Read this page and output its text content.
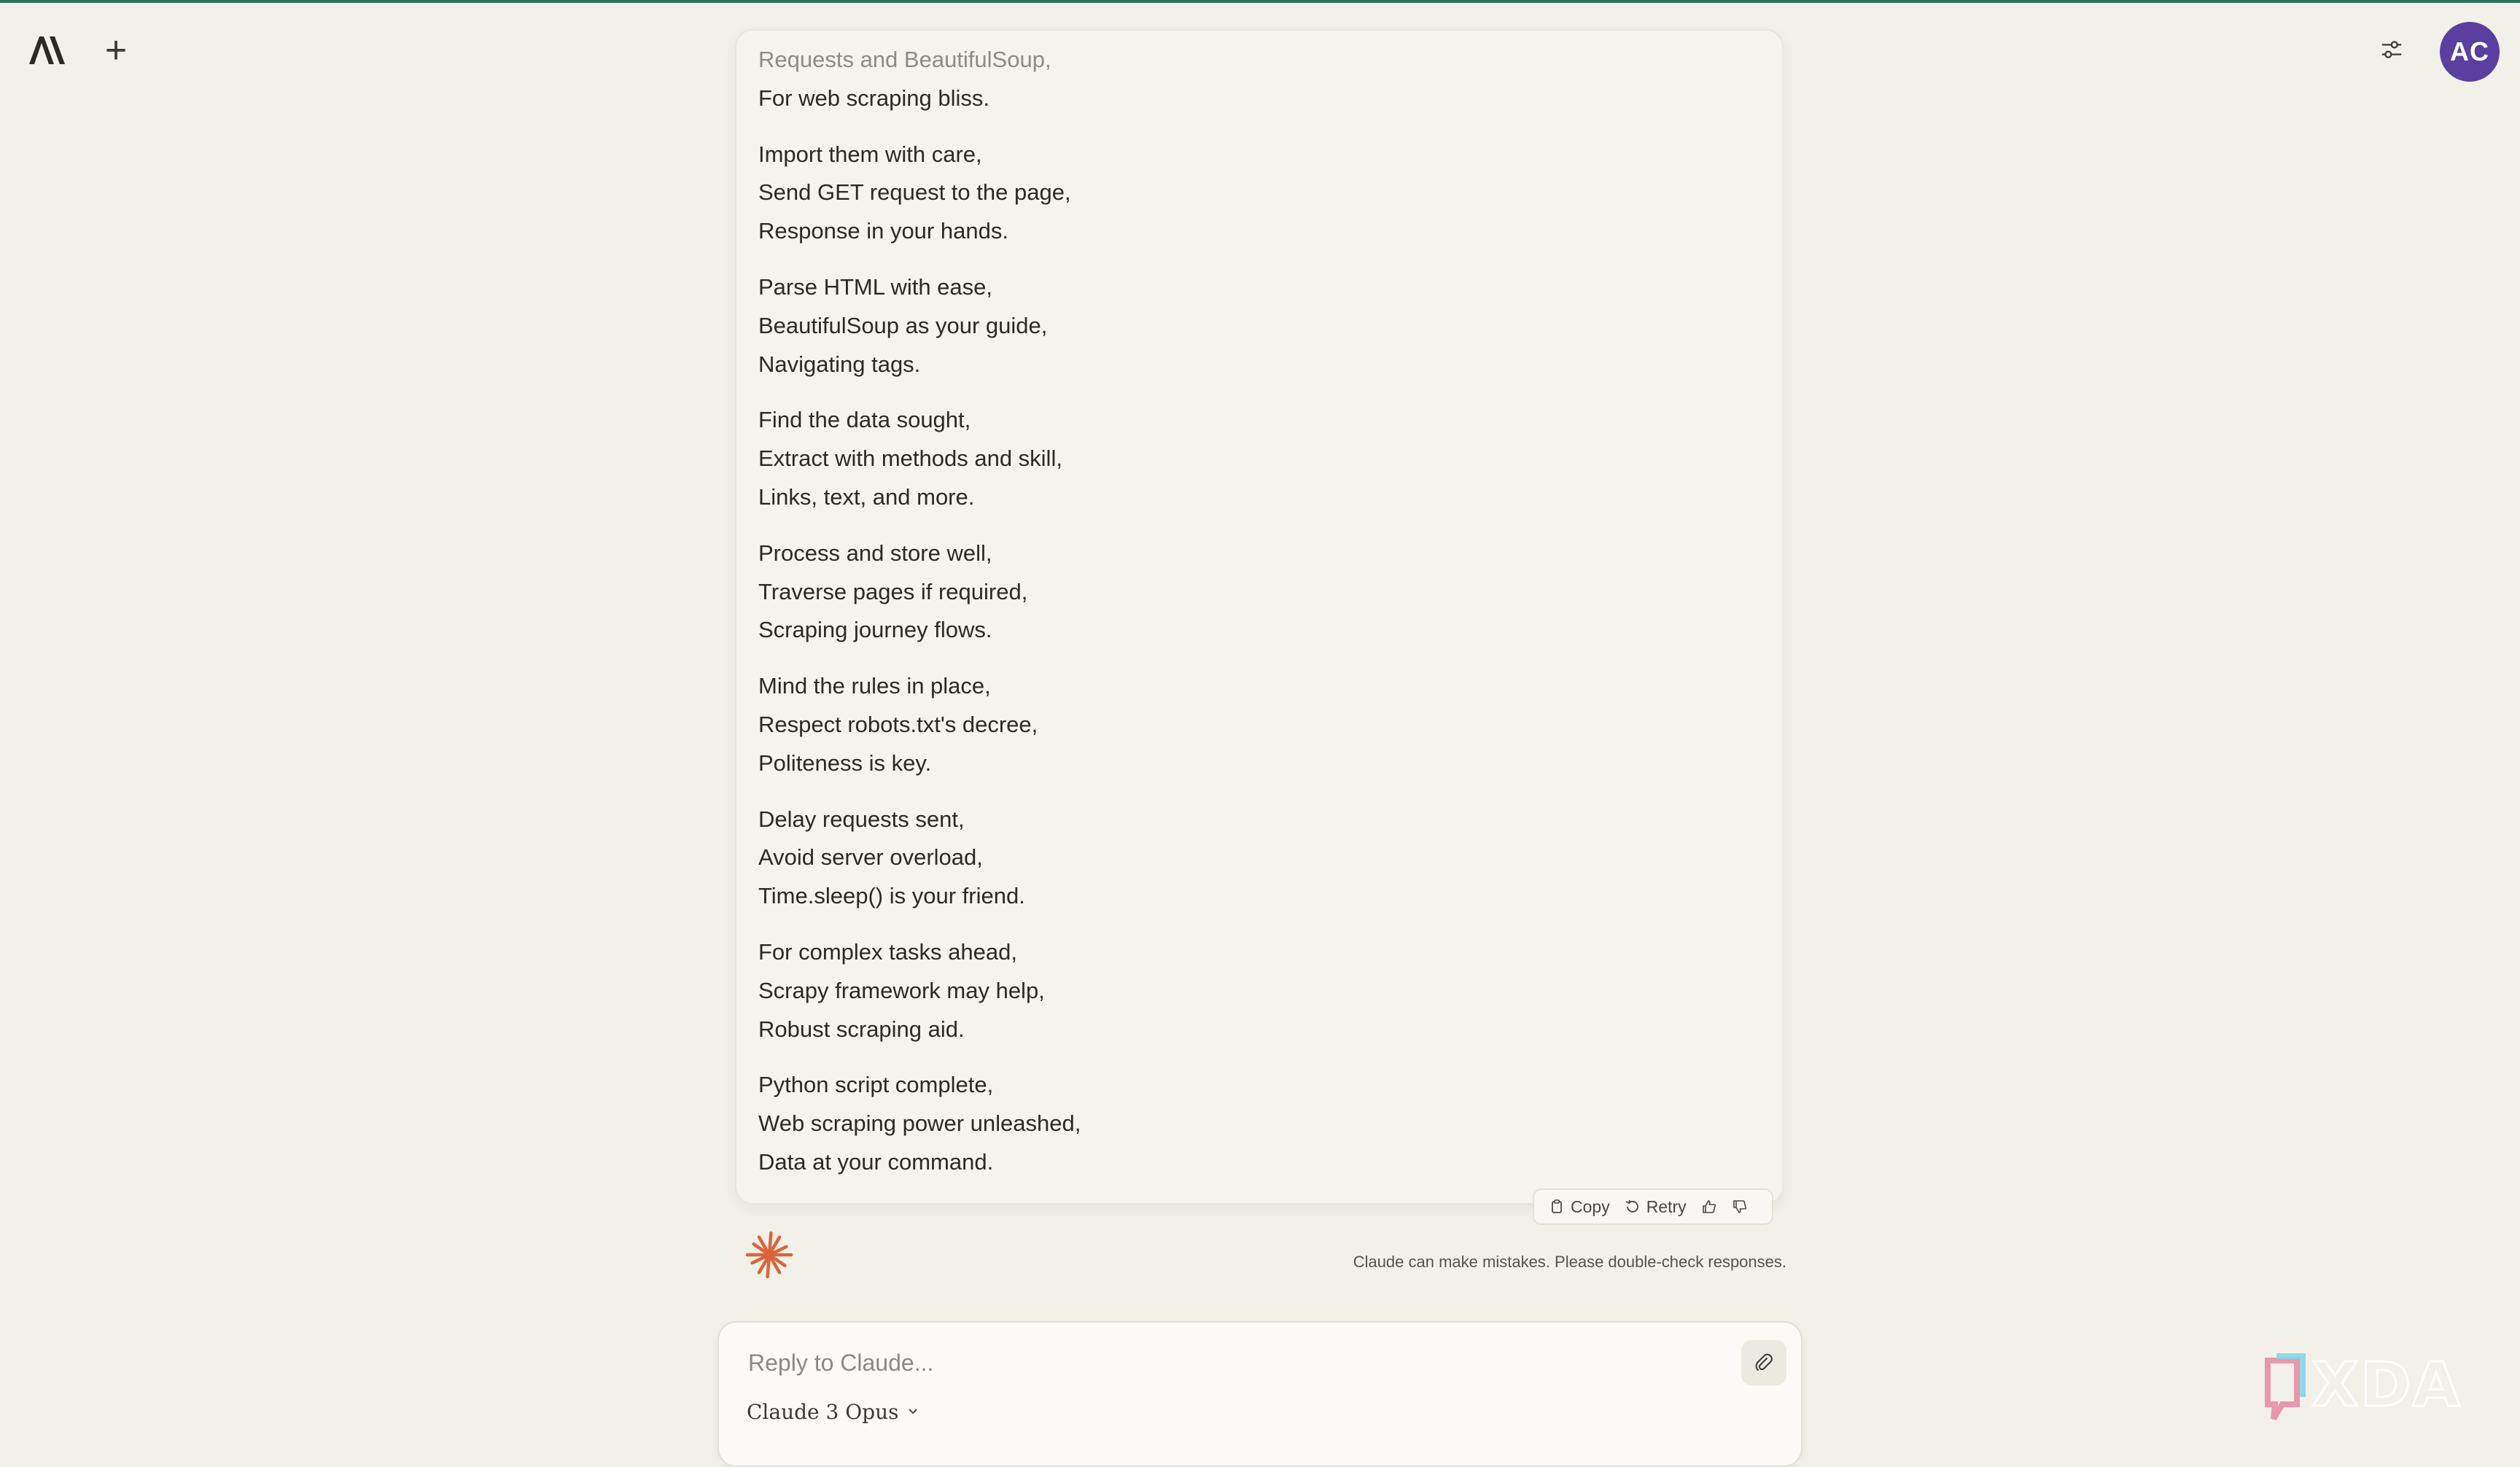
+	AC
Requests and BeautifulSoup,
For web scraping bliss.
Import them with care,
Send GET request to the page,
Response in your hands.
Parse HTML with ease,
BeautifulSoup as your guide,
Navigating tags.
Find the data sought,
Extract with methods and skill,
Links, text, and more.
Process and store well,
Traverse pages if required,
Scraping journey flows.
Mind the rules in place,
Respect robots.txt's decree,
Politeness is key.
Delay requests sent,
Avoid server overload,
Time.sleep() is your friend.
For complex tasks ahead,
Scrapy framework may help,
Robust scraping aid.
Python script complete,
Web scraping power unleashed,
Data at your command.
Copy Retry
Claude can make mistakes. Please double-check responses.
Reply to Claude...
Claude 3 Opus	XDA
